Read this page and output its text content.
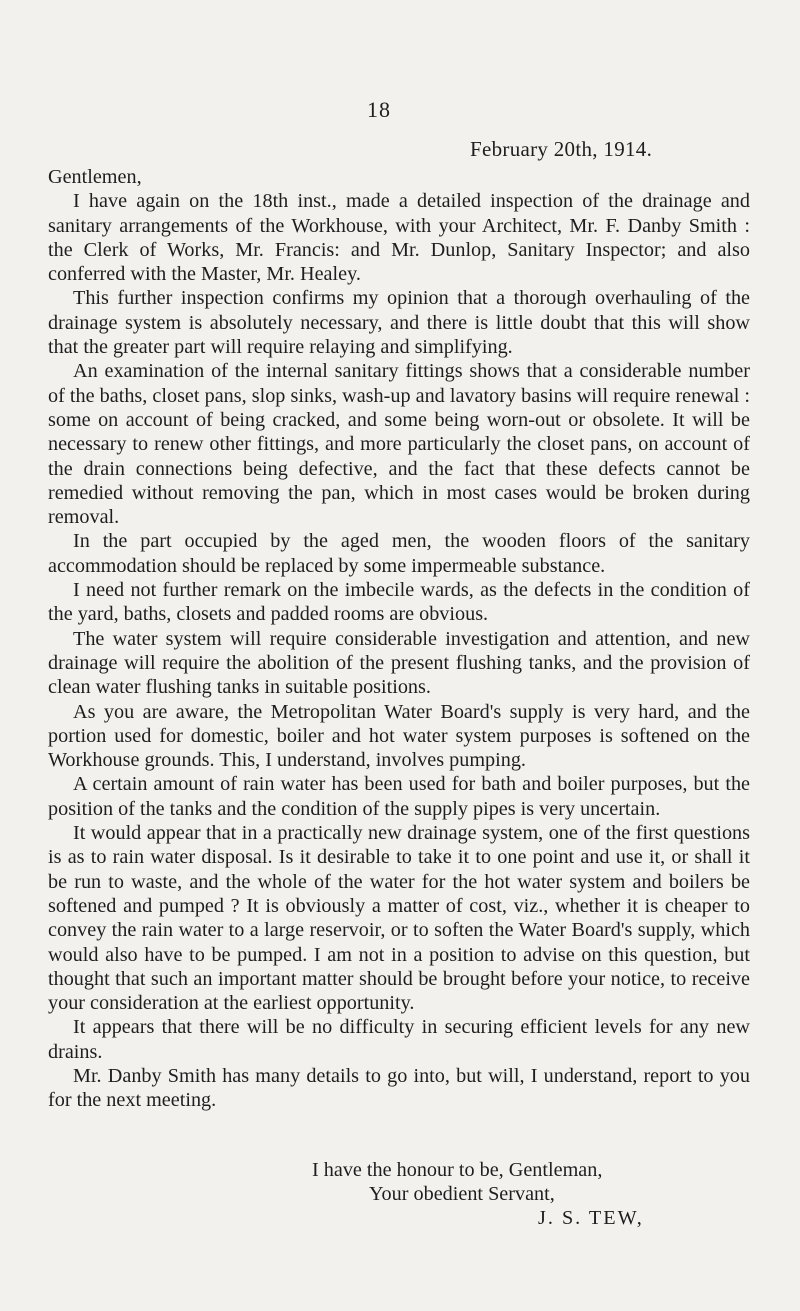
18
February 20th, 1914.

Gentlemen,

I have again on the 18th inst., made a detailed inspection of the drainage and sanitary arrangements of the Workhouse, with your Architect, Mr. F. Danby Smith : the Clerk of Works, Mr. Francis: and Mr. Dunlop, Sanitary Inspector; and also conferred with the Master, Mr. Healey.

This further inspection confirms my opinion that a thorough overhauling of the drainage system is absolutely necessary, and there is little doubt that this will show that the greater part will require relaying and simplifying.

An examination of the internal sanitary fittings shows that a considerable number of the baths, closet pans, slop sinks, wash-up and lavatory basins will require renewal : some on account of being cracked, and some being worn-out or obsolete. It will be necessary to renew other fittings, and more particularly the closet pans, on account of the drain connections being defective, and the fact that these defects cannot be remedied without removing the pan, which in most cases would be broken during removal.

In the part occupied by the aged men, the wooden floors of the sanitary accommodation should be replaced by some impermeable substance.

I need not further remark on the imbecile wards, as the defects in the condition of the yard, baths, closets and padded rooms are obvious.

The water system will require considerable investigation and attention, and new drainage will require the abolition of the present flushing tanks, and the provision of clean water flushing tanks in suitable positions.

As you are aware, the Metropolitan Water Board's supply is very hard, and the portion used for domestic, boiler and hot water system purposes is softened on the Workhouse grounds. This, I understand, involves pumping.

A certain amount of rain water has been used for bath and boiler purposes, but the position of the tanks and the condition of the supply pipes is very uncertain.

It would appear that in a practically new drainage system, one of the first questions is as to rain water disposal. Is it desirable to take it to one point and use it, or shall it be run to waste, and the whole of the water for the hot water system and boilers be softened and pumped ? It is obviously a matter of cost, viz., whether it is cheaper to convey the rain water to a large reservoir, or to soften the Water Board's supply, which would also have to be pumped. I am not in a position to advise on this question, but thought that such an important matter should be brought before your notice, to receive your consideration at the earliest opportunity.

It appears that there will be no difficulty in securing efficient levels for any new drains.

Mr. Danby Smith has many details to go into, but will, I understand, report to you for the next meeting.

I have the honour to be, Gentleman,
Your obedient Servant,
J. S. TEW,
